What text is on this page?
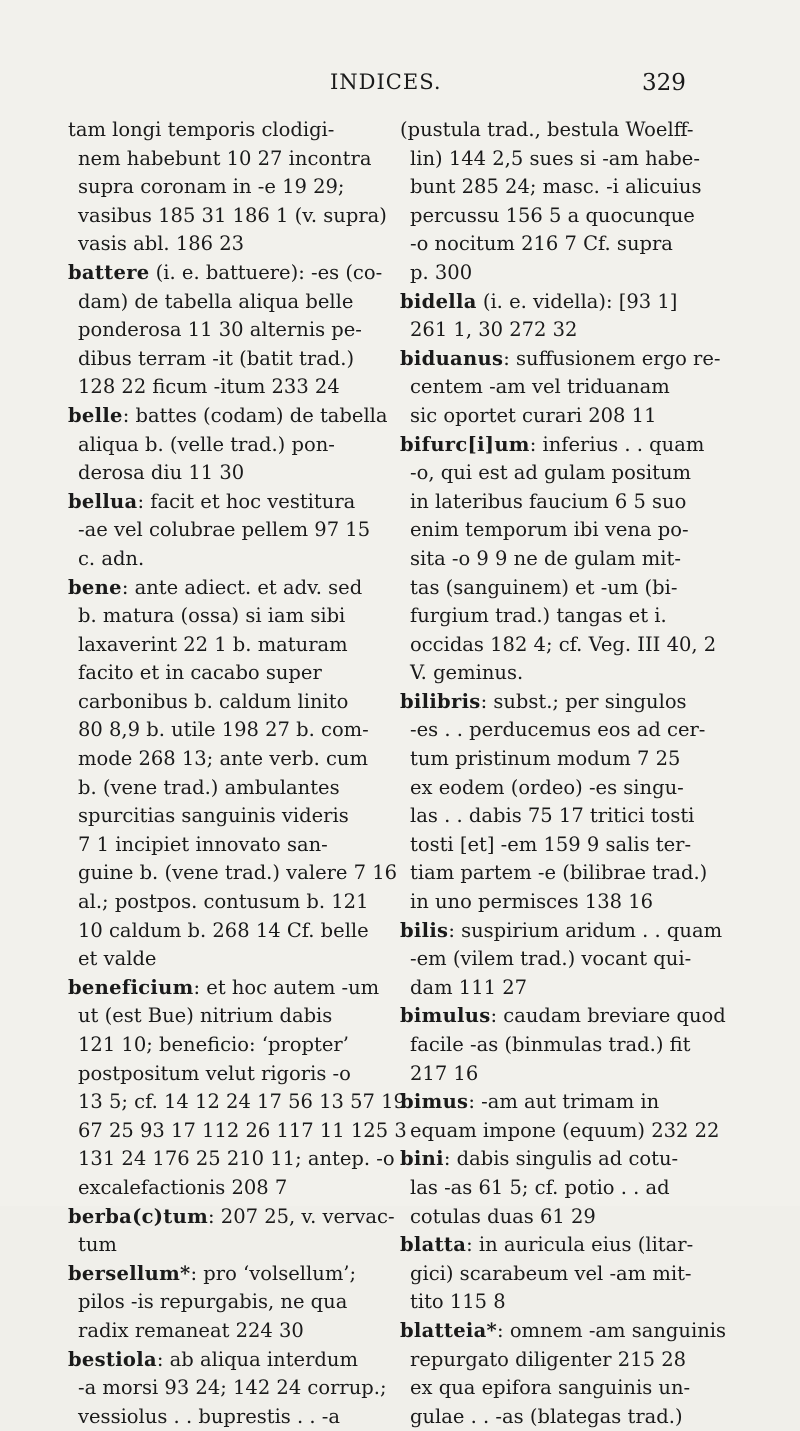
INDICES.	329
tam longi temporis clodigi-
nem habebunt 10 27 incontra
supra coronam in -e 19 29;
vasibus 185 31 186 1 (v. supra)
vasis abl. 186 23
battere (i. e. battuere): -es (co-
dam) de tabella aliqua belle
ponderosa 11 30 alternis pe-
dibus terram -it (batit trad.)
128 22 ficum -itum 233 24
belle: battes (codam) de tabella
aliqua b. (velle trad.) pon-
derosa diu 11 30
bellua: facit et hoc vestitura
-ae vel colubrae pellem 97 15
c. adn.
bene: ante adiect. et adv. sed
b. matura (ossa) si iam sibi
laxaverint 22 1 b. maturam
facito et in cacabo super
carbonibus b. caldum linito
80 8,9 b. utile 198 27 b. com-
mode 268 13; ante verb. cum
b. (vene trad.) ambulantes
spurcitias sanguinis videris
7 1 incipiet innovato san-
guine b. (vene trad.) valere 7 16
al.; postpos. contusum b. 121
10 caldum b. 268 14 Cf. belle
et valde
beneficium: et hoc autem -um
ut (est Bue) nitrium dabis
121 10; beneficio: ‘propter’
postpositum velut rigoris -o
13 5; cf. 14 12 24 17 56 13 57 19
67 25 93 17 112 26 117 11 125 3
131 24 176 25 210 11; antep. -o
excalefactionis 208 7
berba(c)tum: 207 25, v. vervac-
tum
bersellum*: pro ‘volsellum’;
pilos -is repurgabis, ne qua
radix remaneat 224 30
bestiola: ab aliqua interdum
-a morsi 93 24; 142 24 corrup.;
vessiolus . . buprestis . . -a
(pustula trad., bestula Woelff-
lin) 144 2,5 sues si -am habe-
bunt 285 24; masc. -i alicuius
percussu 156 5 a quocunque
-o nocitum 216 7 Cf. supra
p. 300
bidella (i. e. vidella): [93 1]
261 1, 30 272 32
biduanus: suffusionem ergo re-
centem -am vel triduanam
sic oportet curari 208 11
bifurc[i]um: inferius . . quam
-o, qui est ad gulam positum
in lateribus faucium 6 5 suo
enim temporum ibi vena po-
sita -o 9 9 ne de gulam mit-
tas (sanguinem) et -um (bi-
furgium trad.) tangas et i.
occidas 182 4; cf. Veg. III 40, 2
V. geminus.
bilibris: subst.; per singulos
-es . . perducemus eos ad cer-
tum pristinum modum 7 25
ex eodem (ordeo) -es singu-
las . . dabis 75 17 tritici tosti
tosti [et] -em 159 9 salis ter-
tiam partem -e (bilibrae trad.)
in uno permisces 138 16
bilis: suspirium aridum . . quam
-em (vilem trad.) vocant qui-
dam 111 27
bimulus: caudam breviare quod
facile -as (binmulas trad.) fit
217 16
bimus: -am aut trimam in
equam impone (equum) 232 22
bini: dabis singulis ad cotu-
las -as 61 5; cf. potio . . ad
cotulas duas 61 29
blatta: in auricula eius (litar-
gici) scarabeum vel -am mit-
tito 115 8
blatteia*: omnem -am sanguinis
repurgato diligenter 215 28
ex qua epifora sanguinis un-
gulae . . -as (blategas trad.)
